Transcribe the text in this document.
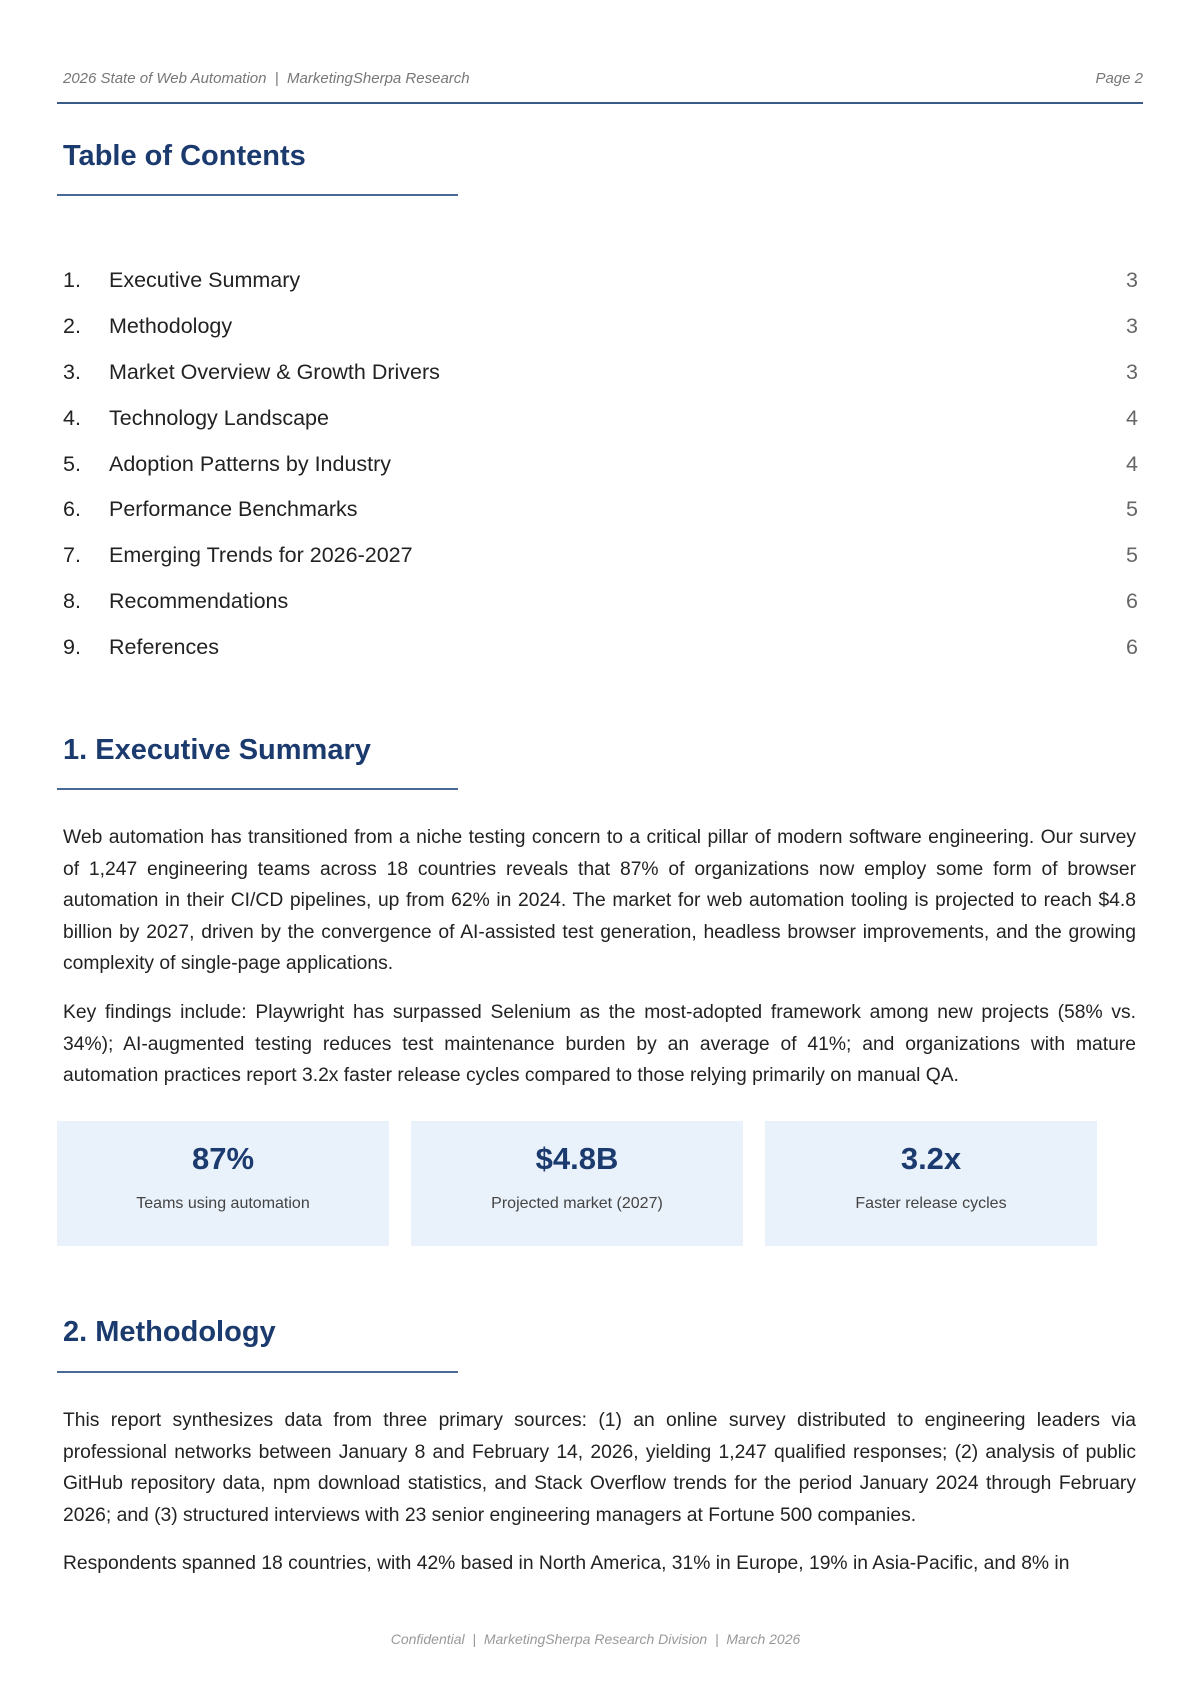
2026 State of Web Automation  |  MarketingSherpa Research	Page 2
Table of Contents
1.	Executive Summary	3
2.	Methodology	3
3.	Market Overview & Growth Drivers	3
4.	Technology Landscape	4
5.	Adoption Patterns by Industry	4
6.	Performance Benchmarks	5
7.	Emerging Trends for 2026-2027	5
8.	Recommendations	6
9.	References	6
1. Executive Summary

Web automation has transitioned from a niche testing concern to a critical pillar of modern software engineering. Our survey of 1,247 engineering teams across 18 countries reveals that 87% of organizations now employ some form of browser automation in their CI/CD pipelines, up from 62% in 2024. The market for web automation tooling is projected to reach $4.8 billion by 2027, driven by the convergence of AI-assisted test generation, headless browser improvements, and the growing complexity of single-page applications.

Key findings include: Playwright has surpassed Selenium as the most-adopted framework among new projects (58% vs. 34%); AI-augmented testing reduces test maintenance burden by an average of 41%; and organizations with mature automation practices report 3.2x faster release cycles compared to those relying primarily on manual QA.

87%
Teams using automation
$4.8B
Projected market (2027)
3.2x
Faster release cycles
2. Methodology

This report synthesizes data from three primary sources: (1) an online survey distributed to engineering leaders via professional networks between January 8 and February 14, 2026, yielding 1,247 qualified responses; (2) analysis of public GitHub repository data, npm download statistics, and Stack Overflow trends for the period January 2024 through February 2026; and (3) structured interviews with 23 senior engineering managers at Fortune 500 companies.

Respondents spanned 18 countries, with 42% based in North America, 31% in Europe, 19% in Asia-Pacific, and 8% in

Confidential  |  MarketingSherpa Research Division  |  March 2026
